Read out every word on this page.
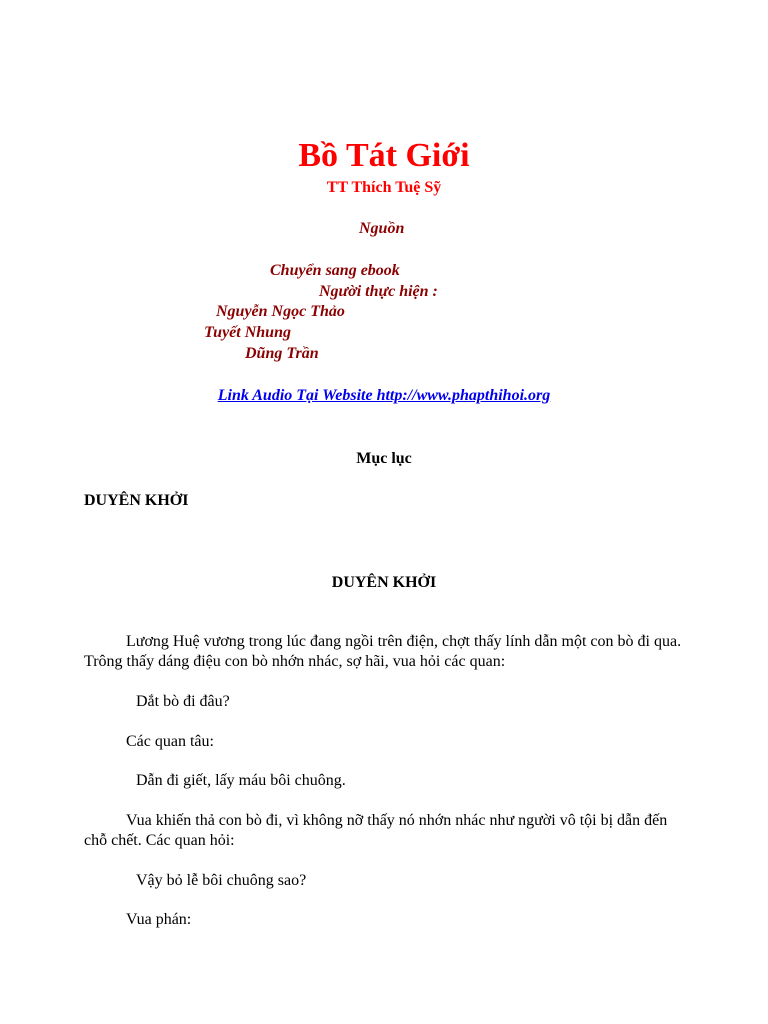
Bồ Tát Giới
TT Thích Tuệ Sỹ
Nguồn
Chuyển sang ebook
Người thực hiện :
Nguyễn Ngọc Thảo
Tuyết Nhung
Dũng Trần
Link Audio Tại Website http://www.phapthihoi.org
Mục lục
DUYÊN KHỞI
DUYÊN KHỞI
Lương Huệ vương trong lúc đang ngồi trên điện, chợt thấy lính dẫn một con bò đi qua. Trông thấy dáng điệu con bò nhớn nhác, sợ hãi, vua hỏi các quan:
Dắt bò đi đâu?
Các quan tâu:
Dẫn đi giết, lấy máu bôi chuông.
Vua khiến thả con bò đi, vì không nỡ thấy nó nhớn nhác như người vô tội bị dẫn đến chỗ chết. Các quan hỏi:
Vậy bỏ lễ bôi chuông sao?
Vua phán:
